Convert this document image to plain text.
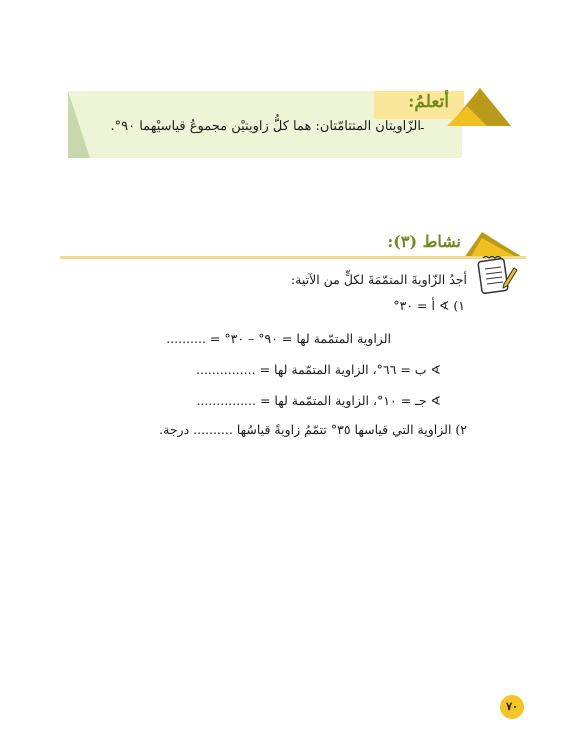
أتعلمُ:
-
الزّاويتان المتتامّتان: هما كلُّ زاويتيْن مجموعُ قياسيْهما ٩٠°.
نشاط (٣):
أجدُ الزّاويةَ المتمّمَةَ لكلٍّ من الآتية:
١) ∢ أ = ٣٠°
الزاوية المتمّمة لها = ٩٠° – ٣٠° = ..........
∢ ب = ٦٦°، الزاوية المتمّمة لها = ...............
∢ جـ = ١٠°، الزاوية المتمّمة لها = ...............
٢) الزاوية التي قياسها ٣٥° تتمّمُ زاويةً قياسُها .......... درجة.
٧٠
